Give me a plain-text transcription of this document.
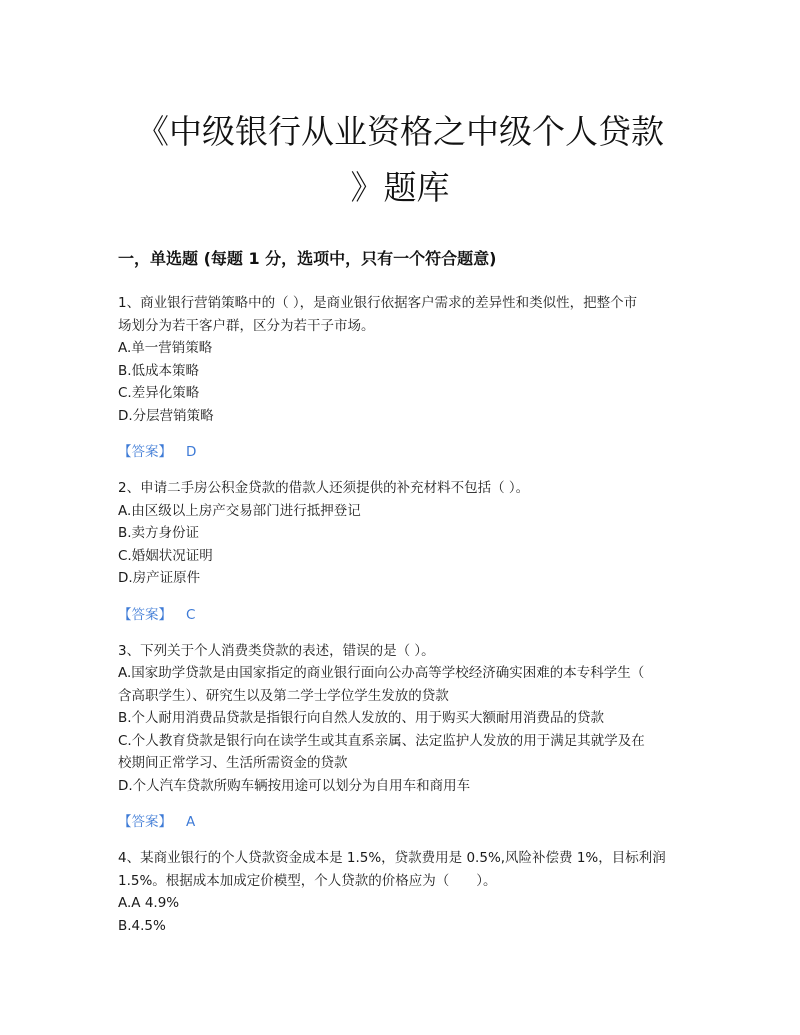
《中级银行从业资格之中级个人贷款
》题库
一，单选题 (每题 1 分，选项中，只有一个符合题意)
1、商业银行营销策略中的（ ），是商业银行依据客户需求的差异性和类似性，把整个市
场划分为若干客户群，区分为若干子市场。
A.单一营销策略
B.低成本策略
C.差异化策略
D.分层营销策略
【答案】 D
2、申请二手房公积金贷款的借款人还须提供的补充材料不包括（ ）。
A.由区级以上房产交易部门进行抵押登记
B.卖方身份证
C.婚姻状况证明
D.房产证原件
【答案】 C
3、下列关于个人消费类贷款的表述，错误的是（ ）。
A.国家助学贷款是由国家指定的商业银行面向公办高等学校经济确实困难的本专科学生（
含高职学生）、研究生以及第二学士学位学生发放的贷款
B.个人耐用消费品贷款是指银行向自然人发放的、用于购买大额耐用消费品的贷款
C.个人教育贷款是银行向在读学生或其直系亲属、法定监护人发放的用于满足其就学及在
校期间正常学习、生活所需资金的贷款
D.个人汽车贷款所购车辆按用途可以划分为自用车和商用车
【答案】 A
4、某商业银行的个人贷款资金成本是 1.5%，贷款费用是 0.5%,风险补偿费 1%，目标利润
1.5%。根据成本加成定价模型，个人贷款的价格应为（　　）。
A.A 4.9%
B.4.5%
